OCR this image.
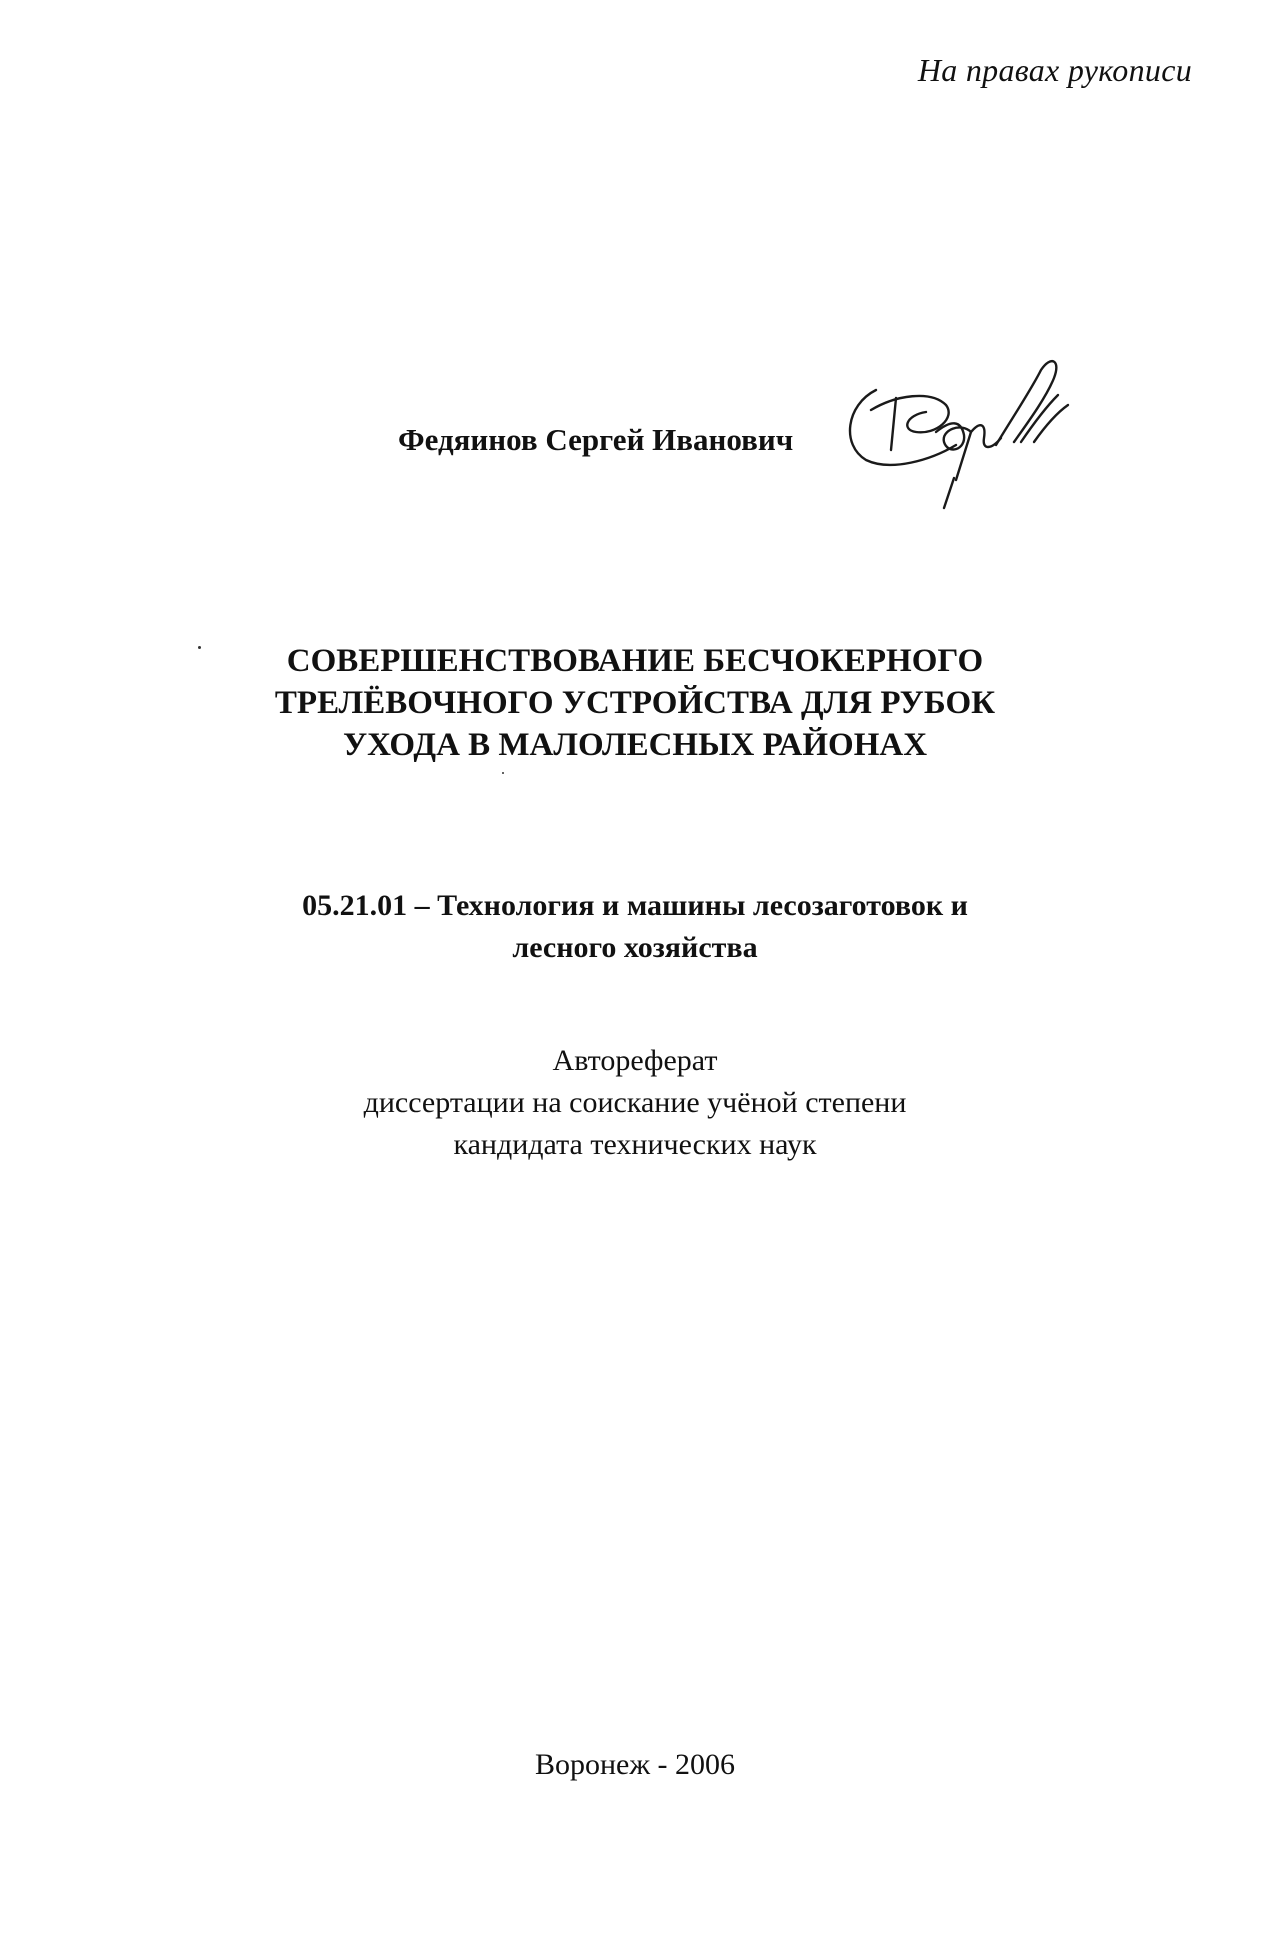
На правах рукописи
Федяинов Сергей Иванович
СОВЕРШЕНСТВОВАНИЕ БЕСЧОКЕРНОГО
ТРЕЛЁВОЧНОГО УСТРОЙСТВА ДЛЯ РУБОК
УХОДА В МАЛОЛЕСНЫХ РАЙОНАХ
05.21.01 – Технология и машины лесозаготовок и
лесного хозяйства
Автореферат
диссертации на соискание учёной степени
кандидата технических наук
Воронеж - 2006
